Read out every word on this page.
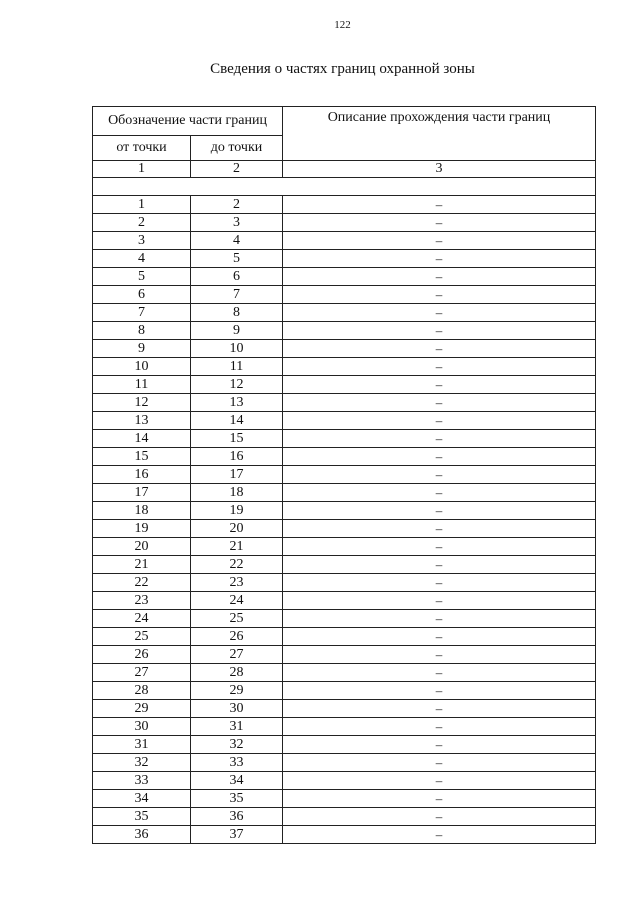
122
Сведения о частях границ охранной зоны
Обозначение части границ		Описание прохождения части границ
от точки	до точки	
1	2	3

1	2	–
2	3	–
3	4	–
4	5	–
5	6	–
6	7	–
7	8	–
8	9	–
9	10	–
10	11	–
11	12	–
12	13	–
13	14	–
14	15	–
15	16	–
16	17	–
17	18	–
18	19	–
19	20	–
20	21	–
21	22	–
22	23	–
23	24	–
24	25	–
25	26	–
26	27	–
27	28	–
28	29	–
29	30	–
30	31	–
31	32	–
32	33	–
33	34	–
34	35	–
35	36	–
36	37	–
